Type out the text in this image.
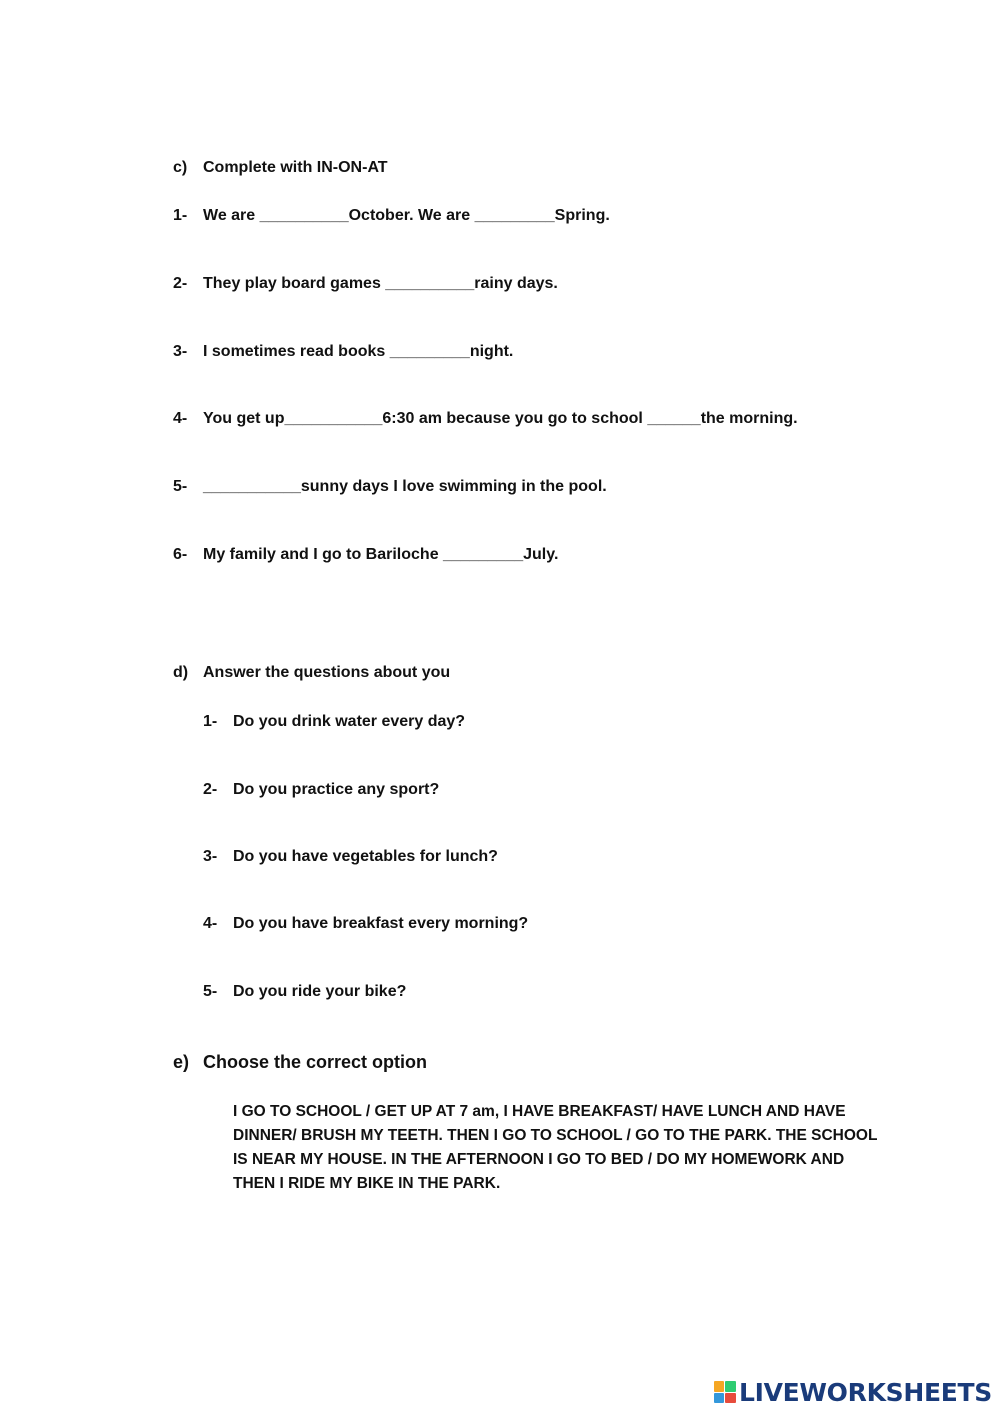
c) Complete with IN-ON-AT
1- We are __________October. We are _________Spring.
2- They play board games __________rainy days.
3- I sometimes read books _________night.
4- You get up___________6:30 am because you go to school ______the morning.
5- ___________sunny days I love swimming in the pool.
6- My family and I go to Bariloche _________July.
d) Answer the questions about you
1- Do you drink water every day?
2- Do you practice any sport?
3- Do you have vegetables for lunch?
4- Do you have breakfast every morning?
5- Do you ride your bike?
e) Choose the correct option
I GO TO SCHOOL / GET UP AT 7 am, I HAVE BREAKFAST/ HAVE LUNCH AND HAVE DINNER/ BRUSH MY TEETH. THEN I GO TO SCHOOL / GO TO THE PARK. THE SCHOOL IS NEAR MY HOUSE. IN THE AFTERNOON I GO TO BED / DO MY HOMEWORK AND THEN I RIDE MY BIKE IN THE PARK.
LIVEWORKSHEETS
